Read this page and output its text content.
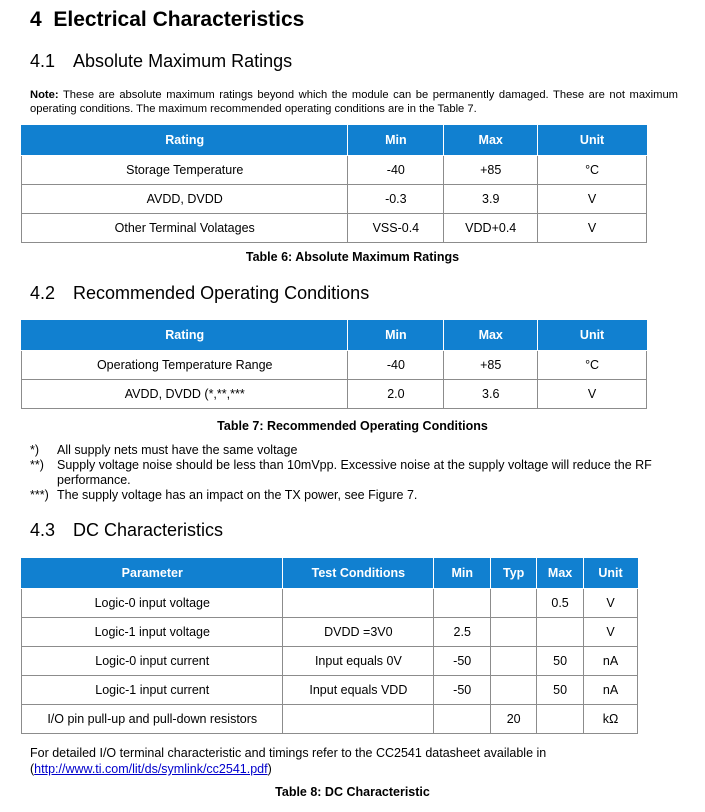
4 Electrical Characteristics
4.1 Absolute Maximum Ratings
Note: These are absolute maximum ratings beyond which the module can be permanently damaged. These are not maximum operating conditions. The maximum recommended operating conditions are in the Table 7.
Rating	Min	Max	Unit
Storage Temperature	-40	+85	°C
AVDD, DVDD	-0.3	3.9	V
Other Terminal Volatages	VSS-0.4	VDD+0.4	V
Table 6: Absolute Maximum Ratings
4.2 Recommended Operating Conditions
Rating	Min	Max	Unit
Operationg Temperature Range	-40	+85	°C
AVDD, DVDD (*,**,***	2.0	3.6	V
Table 7: Recommended Operating Conditions
*) All supply nets must have the same voltage
**) Supply voltage noise should be less than 10mVpp. Excessive noise at the supply voltage will reduce the RF performance.
***) The supply voltage has an impact on the TX power, see Figure 7.
4.3 DC Characteristics
Parameter	Test Conditions	Min	Typ	Max	Unit
Logic-0 input voltage				0.5	V
Logic-1 input voltage	DVDD =3V0	2.5			V
Logic-0 input current	Input equals 0V	-50		50	nA
Logic-1 input current	Input equals VDD	-50		50	nA
I/O pin pull-up and pull-down resistors			20		kΩ
For detailed I/O terminal characteristic and timings refer to the CC2541 datasheet available in
(http://www.ti.com/lit/ds/symlink/cc2541.pdf)
Table 8: DC Characteristic
